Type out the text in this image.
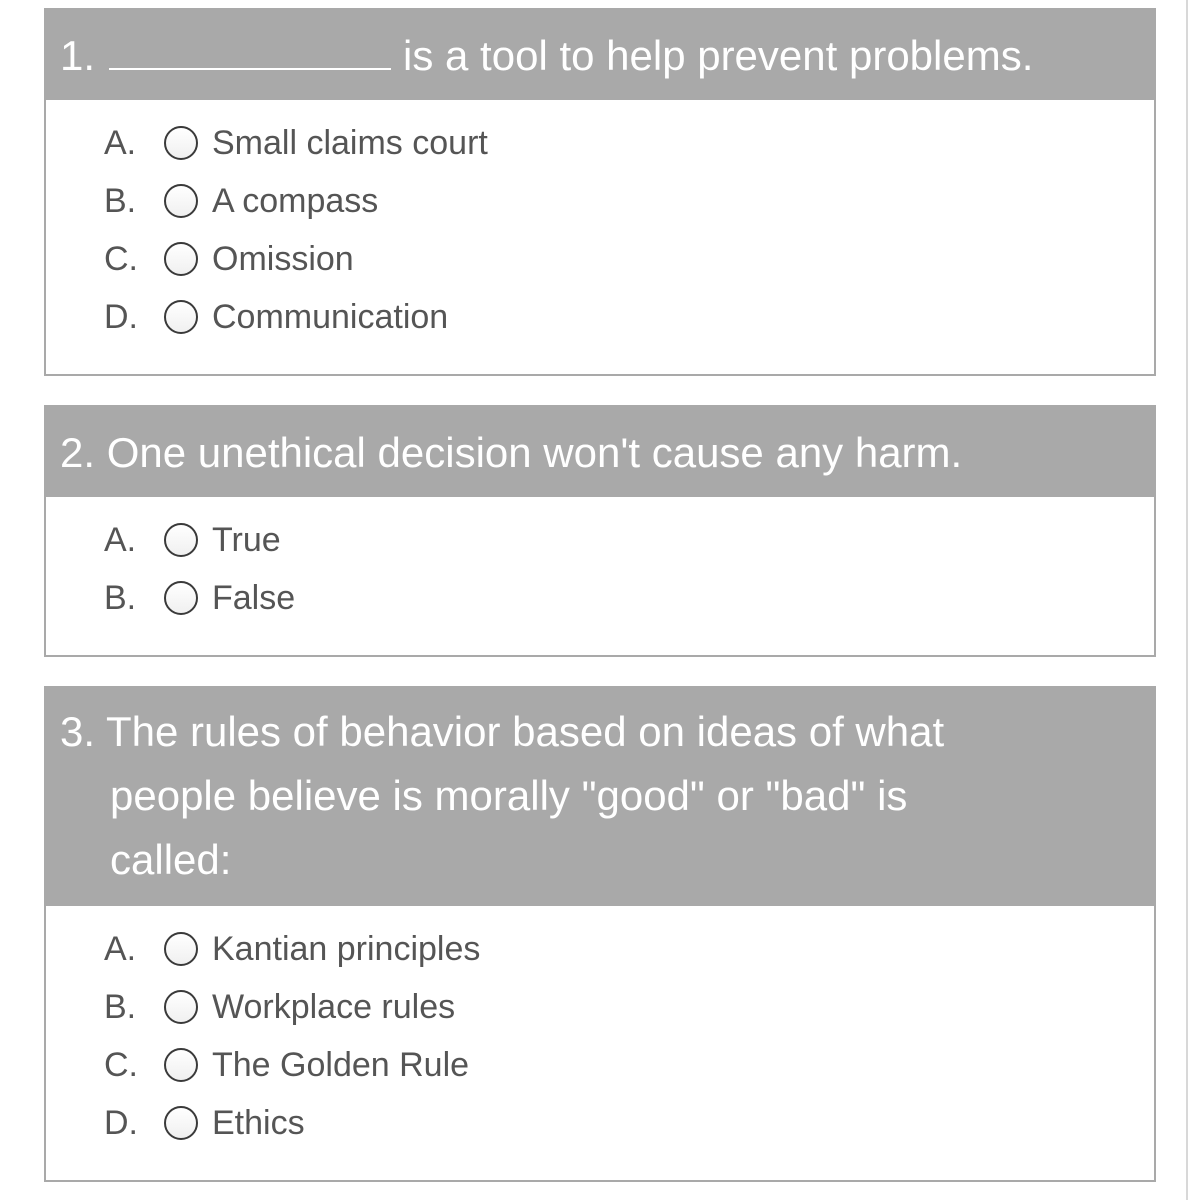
1.	is a tool to help prevent problems.
A. Small claims court
B. A compass
C. Omission
D. Communication
2. One unethical decision won't cause any harm.
A. True
B. False
3. The rules of behavior based on ideas of what
people believe is morally "good" or "bad" is
called:
A. Kantian principles
B. Workplace rules
C. The Golden Rule
D. Ethics
